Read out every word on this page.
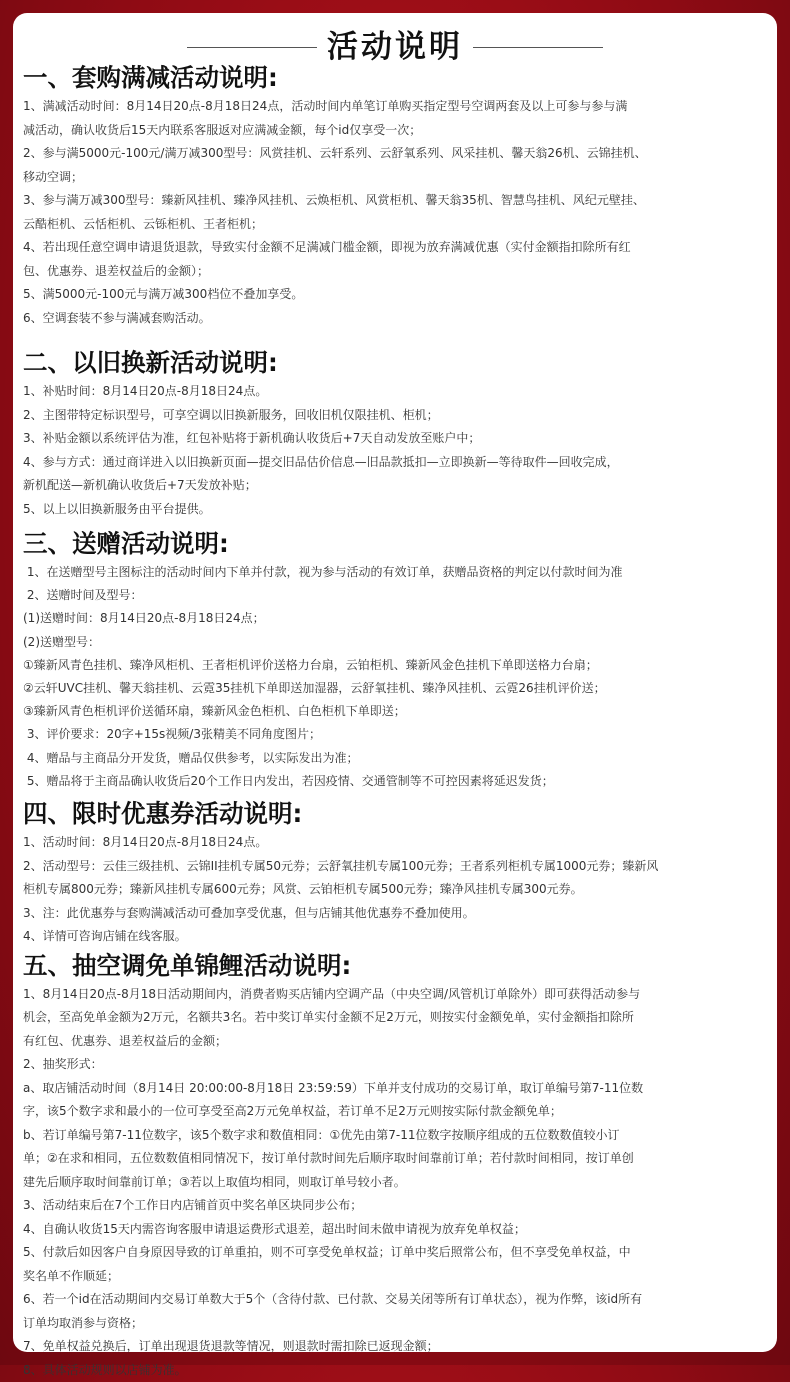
活动说明
一、套购满减活动说明:

1、满减活动时间：8月14日20点-8月18日24点，活动时间内单笔订单购买指定型号空调两套及以上可参与参与满

减活动，确认收货后15天内联系客服返对应满减金额，每个id仅享受一次；

2、参与满5000元-100元/满万减300型号：风赏挂机、云轩系列、云舒氧系列、风采挂机、馨天翁26机、云锦挂机、

移动空调；

3、参与满万减300型号：臻新风挂机、臻净风挂机、云焕柜机、风赏柜机、馨天翁35机、智慧鸟挂机、风纪元壁挂、

云酷柜机、云恬柜机、云铄柜机、王者柜机；

4、若出现任意空调申请退货退款，导致实付金额不足满减门槛金额，即视为放弃满减优惠（实付金额指扣除所有红

包、优惠券、退差权益后的金额）；

5、满5000元-100元与满万减300档位不叠加享受。

6、空调套装不参与满减套购活动。

二、以旧换新活动说明:

1、补贴时间：8月14日20点-8月18日24点。

2、主图带特定标识型号，可享空调以旧换新服务，回收旧机仅限挂机、柜机；

3、补贴金额以系统评估为准，红包补贴将于新机确认收货后+7天自动发放至账户中；

4、参与方式：通过商详进入以旧换新页面—提交旧品估价信息—旧品款抵扣—立即换新—等待取件—回收完成，

新机配送—新机确认收货后+7天发放补贴；

5、以上以旧换新服务由平台提供。

三、送赠活动说明:

1、在送赠型号主图标注的活动时间内下单并付款，视为参与活动的有效订单，获赠品资格的判定以付款时间为准

2、送赠时间及型号：

(1)送赠时间：8月14日20点-8月18日24点；

(2)送赠型号：

①臻新风青色挂机、臻净风柜机、王者柜机评价送格力台扇，云铂柜机、臻新风金色挂机下单即送格力台扇；

②云轩UVC挂机、馨天翁挂机、云霓35挂机下单即送加湿器，云舒氧挂机、臻净风挂机、云霓26挂机评价送；

③臻新风青色柜机评价送循环扇，臻新风金色柜机、白色柜机下单即送；

3、评价要求：20字+15s视频/3张精美不同角度图片；

4、赠品与主商品分开发货，赠品仅供参考，以实际发出为准；

5、赠品将于主商品确认收货后20个工作日内发出，若因疫情、交通管制等不可控因素将延迟发货；

四、限时优惠券活动说明:

1、活动时间：8月14日20点-8月18日24点。

2、活动型号：云佳三级挂机、云锦II挂机专属50元券；云舒氧挂机专属100元券；王者系列柜机专属1000元券；臻新风

柜机专属800元券；臻新风挂机专属600元券；风赏、云铂柜机专属500元券；臻净风挂机专属300元券。

3、注：此优惠券与套购满减活动可叠加享受优惠，但与店铺其他优惠券不叠加使用。

4、详情可咨询店铺在线客服。

五、抽空调免单锦鲤活动说明:

1、8月14日20点-8月18日活动期间内，消费者购买店铺内空调产品（中央空调/风管机订单除外）即可获得活动参与

机会，至高免单金额为2万元，名额共3名。若中奖订单实付金额不足2万元，则按实付金额免单，实付金额指扣除所

有红包、优惠券、退差权益后的金额；

2、抽奖形式：

a、取店铺活动时间（8月14日 20:00:00-8月18日 23:59:59）下单并支付成功的交易订单，取订单编号第7-11位数

字，该5个数字求和最小的一位可享受至高2万元免单权益，若订单不足2万元则按实际付款金额免单；

b、若订单编号第7-11位数字，该5个数字求和数值相同：①优先由第7-11位数字按顺序组成的五位数数值较小订

单；②在求和相同，五位数数值相同情况下，按订单付款时间先后顺序取时间靠前订单；若付款时间相同，按订单创

建先后顺序取时间靠前订单；③若以上取值均相同，则取订单号较小者。

3、活动结束后在7个工作日内店铺首页中奖名单区块同步公布；

4、自确认收货15天内需咨询客服申请退运费形式退差，超出时间未做申请视为放弃免单权益；

5、付款后如因客户自身原因导致的订单重拍，则不可享受免单权益；订单中奖后照常公布，但不享受免单权益，中

奖名单不作顺延；

6、若一个id在活动期间内交易订单数大于5个（含待付款、已付款、交易关闭等所有订单状态），视为作弊，该id所有

订单均取消参与资格；

7、免单权益兑换后，订单出现退货退款等情况，则退款时需扣除已返现金额；

8、具体活动规则以店铺为准。
